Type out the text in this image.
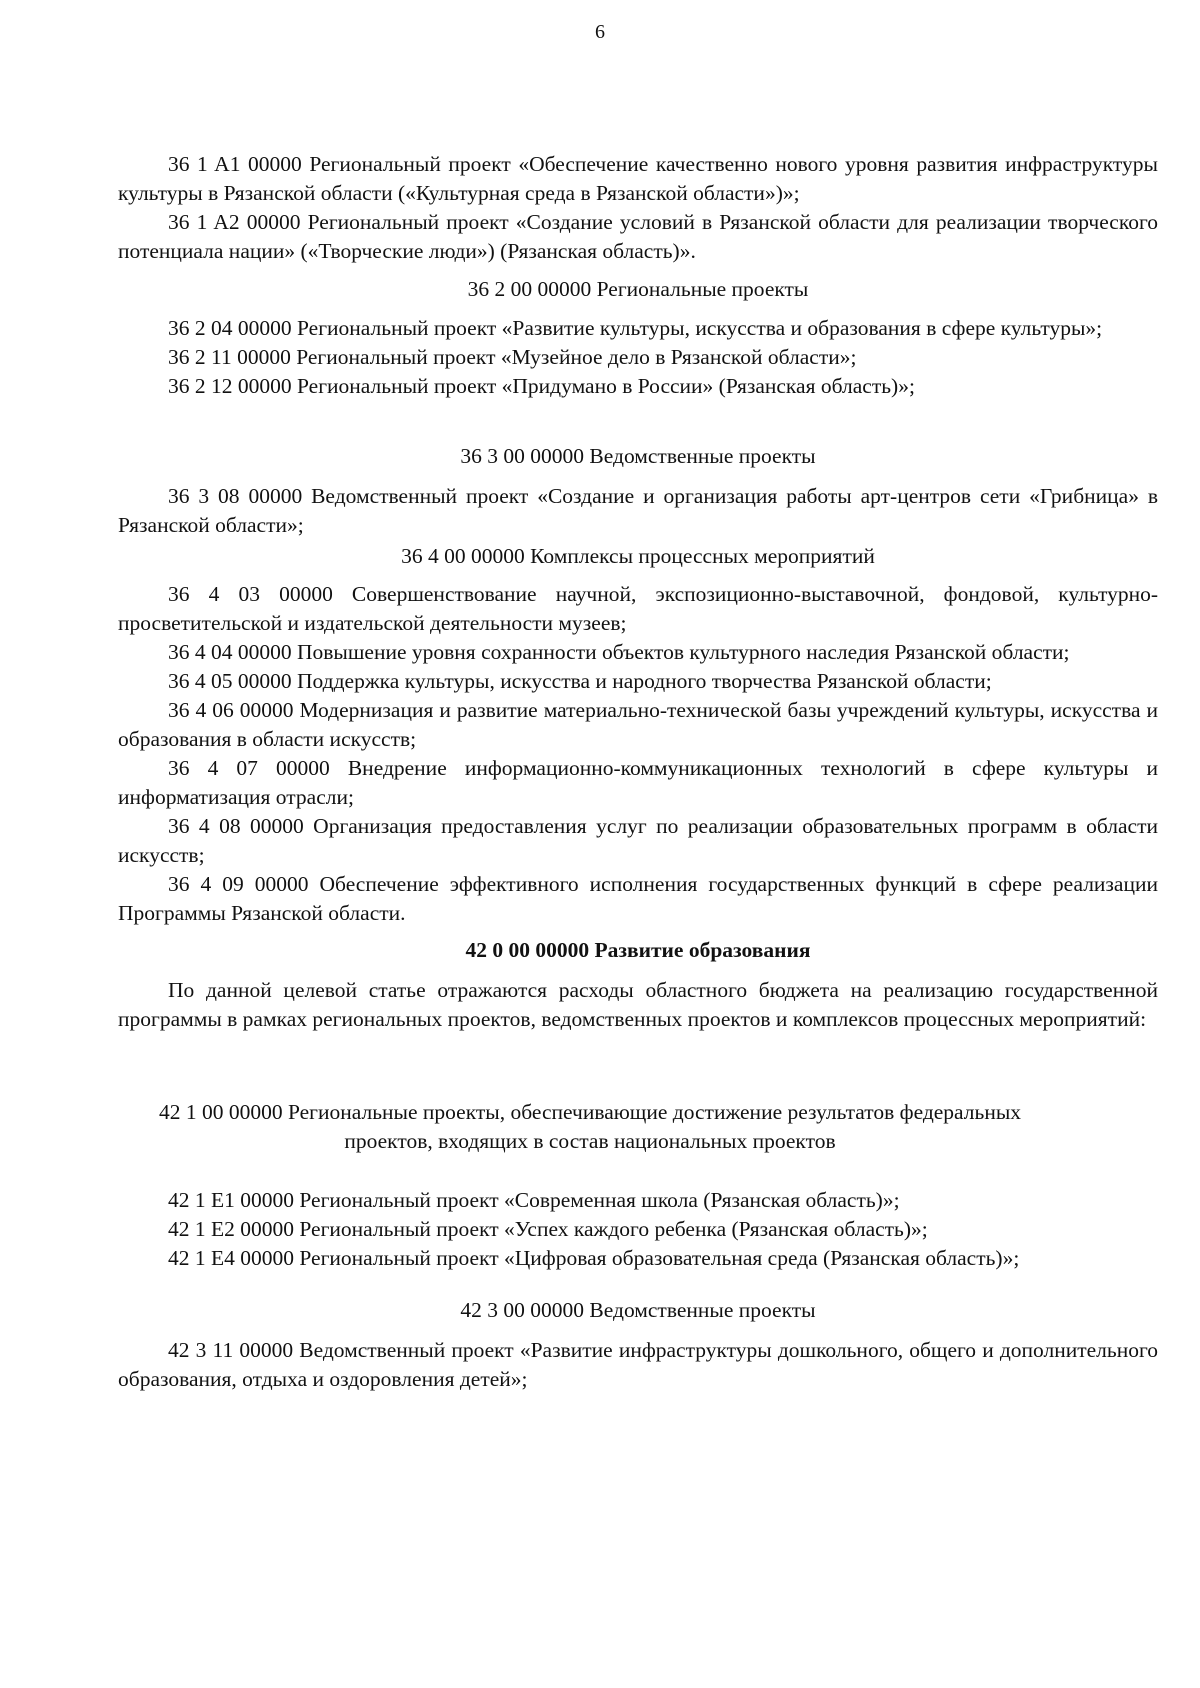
6

36 1 A1 00000 Региональный проект «Обеспечение качественно нового уровня развития инфраструктуры культуры в Рязанской области («Культурная среда в Рязанской области»)»;

36 1 A2 00000 Региональный проект «Создание условий в Рязанской области для реализации творческого потенциала нации» («Творческие люди») (Рязанская область)».

36 2 00 00000 Региональные проекты

36 2 04 00000 Региональный проект «Развитие культуры, искусства и образования в сфере культуры»;

36 2 11 00000 Региональный проект «Музейное дело в Рязанской области»;

36 2 12 00000 Региональный проект «Придумано в России» (Рязанская область)»;

36 3 00 00000 Ведомственные проекты

36 3 08 00000 Ведомственный проект «Создание и организация работы арт-центров сети «Грибница» в Рязанской области»;

36 4 00 00000 Комплексы процессных мероприятий

36 4 03 00000 Совершенствование научной, экспозиционно-выставочной, фондовой, культурно-просветительской и издательской деятельности музеев;

36 4 04 00000 Повышение уровня сохранности объектов культурного наследия Рязанской области;

36 4 05 00000 Поддержка культуры, искусства и народного творчества Рязанской области;

36 4 06 00000 Модернизация и развитие материально-технической базы учреждений культуры, искусства и образования в области искусств;

36 4 07 00000 Внедрение информационно-коммуникационных технологий в сфере культуры и информатизация отрасли;

36 4 08 00000 Организация предоставления услуг по реализации образовательных программ в области искусств;

36 4 09 00000 Обеспечение эффективного исполнения государственных функций в сфере реализации Программы Рязанской области.

42 0 00 00000 Развитие образования

По данной целевой статье отражаются расходы областного бюджета на реализацию государственной программы в рамках региональных проектов, ведомственных проектов и комплексов процессных мероприятий:

42 1 00 00000 Региональные проекты, обеспечивающие достижение результатов федеральных проектов, входящих в состав национальных проектов

42 1 E1 00000 Региональный проект «Современная школа (Рязанская область)»;

42 1 E2 00000 Региональный проект «Успех каждого ребенка (Рязанская область)»;

42 1 E4 00000 Региональный проект «Цифровая образовательная среда (Рязанская область)»;

42 3 00 00000 Ведомственные проекты

42 3 11 00000 Ведомственный проект «Развитие инфраструктуры дошкольного, общего и дополнительного образования, отдыха и оздоровления детей»;
